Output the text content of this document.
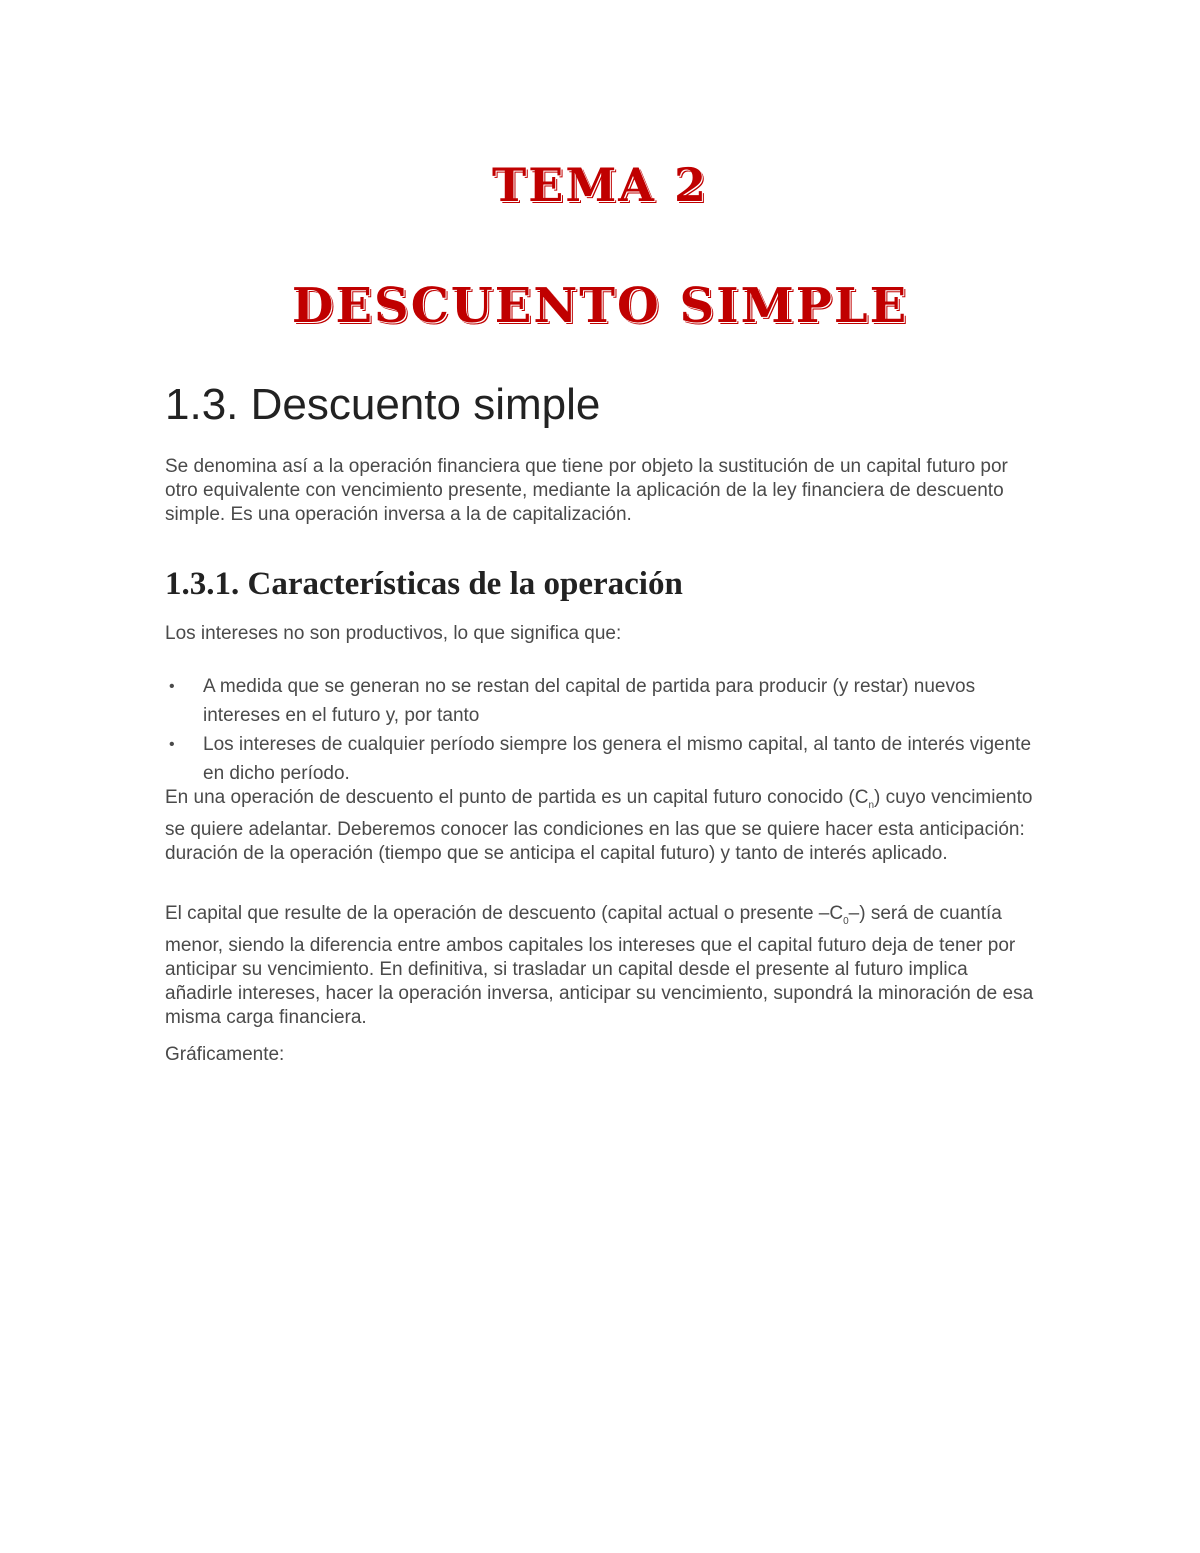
TEMA 2
DESCUENTO SIMPLE
1.3. Descuento simple

Se denomina así a la operación financiera que tiene por objeto la sustitución de un capital futuro por otro equivalente con vencimiento presente, mediante la aplicación de la ley financiera de descuento simple. Es una operación inversa a la de capitalización.

1.3.1. Características de la operación

Los intereses no son productivos, lo que significa que:

• A medida que se generan no se restan del capital de partida para producir (y restar) nuevos intereses en el futuro y, por tanto
• Los intereses de cualquier período siempre los genera el mismo capital, al tanto de interés vigente en dicho período.

En una operación de descuento el punto de partida es un capital futuro conocido $(C_n)$ cuyo vencimiento se quiere adelantar. Deberemos conocer las condiciones en las que se quiere hacer esta anticipación: duración de la operación (tiempo que se anticipa el capital futuro) y tanto de interés aplicado.

El capital que resulte de la operación de descuento (capital actual o presente $-C_0-$) será de cuantía menor, siendo la diferencia entre ambos capitales los intereses que el capital futuro deja de tener por anticipar su vencimiento. En definitiva, si trasladar un capital desde el presente al futuro implica añadirle intereses, hacer la operación inversa, anticipar su vencimiento, supondrá la minoración de esa misma carga financiera.

Gráficamente:
